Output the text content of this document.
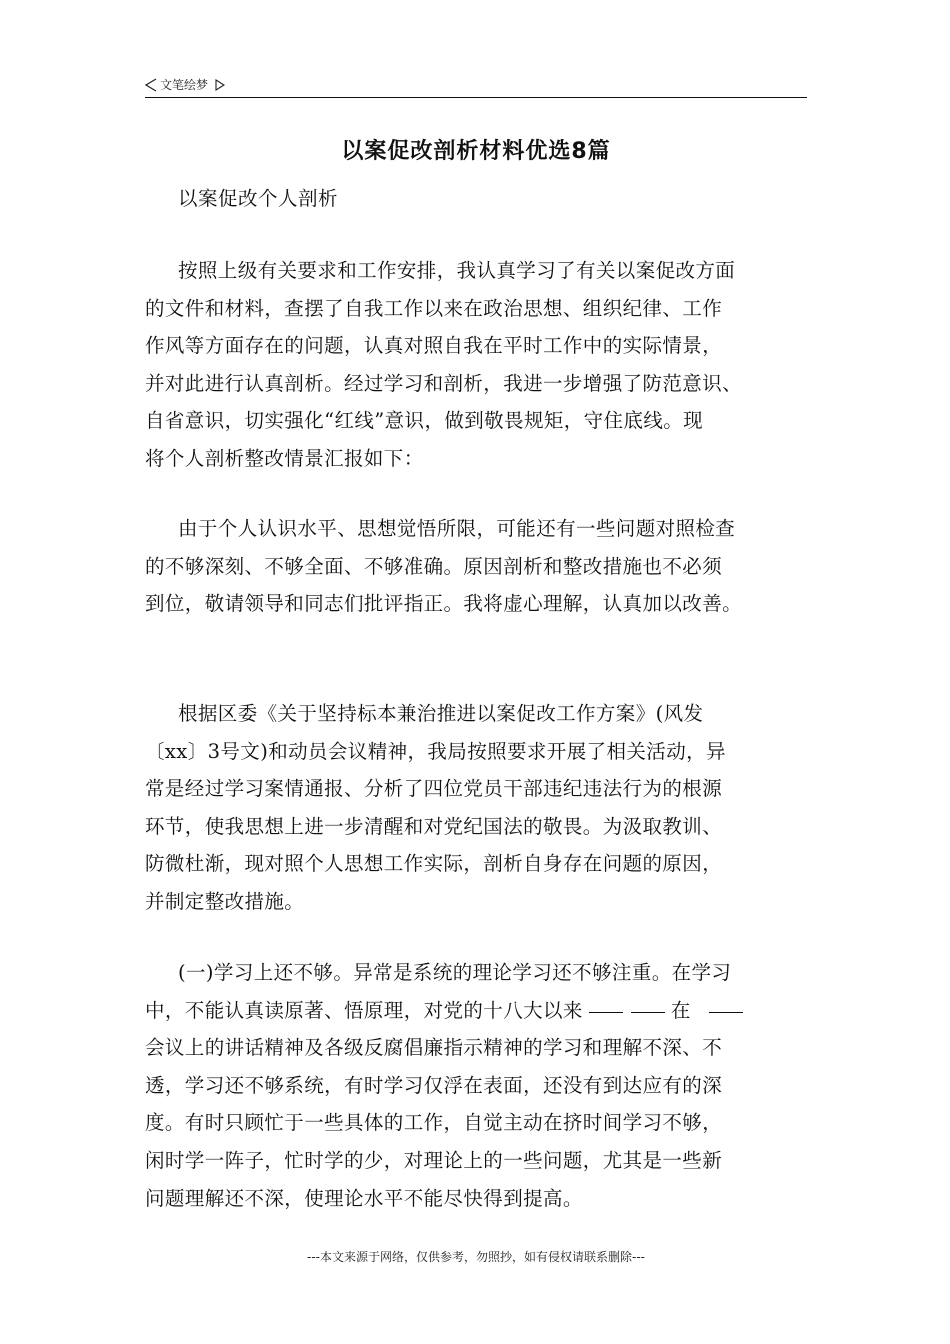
文笔绘梦
以案促改剖析材料优选8篇
以案促改个人剖析
按照上级有关要求和工作安排，我认真学习了有关以案促改方面
的文件和材料，查摆了自我工作以来在政治思想、组织纪律、工作
作风等方面存在的问题，认真对照自我在平时工作中的实际情景，
并对此进行认真剖析。经过学习和剖析，我进一步增强了防范意识、
自省意识，切实强化“红线”意识，做到敬畏规矩，守住底线。现
将个人剖析整改情景汇报如下：
由于个人认识水平、思想觉悟所限，可能还有一些问题对照检查
的不够深刻、不够全面、不够准确。原因剖析和整改措施也不必须
到位，敬请领导和同志们批评指正。我将虚心理解，认真加以改善。
根据区委《关于坚持标本兼治推进以案促改工作方案》(风发
〔xx〕3号文)和动员会议精神，我局按照要求开展了相关活动，异
常是经过学习案情通报、分析了四位党员干部违纪违法行为的根源
环节，使我思想上进一步清醒和对党纪国法的敬畏。为汲取教训、
防微杜渐，现对照个人思想工作实际，剖析自身存在问题的原因，
并制定整改措施。
(一)学习上还不够。异常是系统的理论学习还不够注重。在学习
中，不能认真读原著、悟原理，对党的十八大以来	在
会议上的讲话精神及各级反腐倡廉指示精神的学习和理解不深、不
透，学习还不够系统，有时学习仅浮在表面，还没有到达应有的深
度。有时只顾忙于一些具体的工作，自觉主动在挤时间学习不够，
闲时学一阵子，忙时学的少，对理论上的一些问题，尤其是一些新
问题理解还不深，使理论水平不能尽快得到提高。
---本文来源于网络，仅供参考，勿照抄，如有侵权请联系删除---
